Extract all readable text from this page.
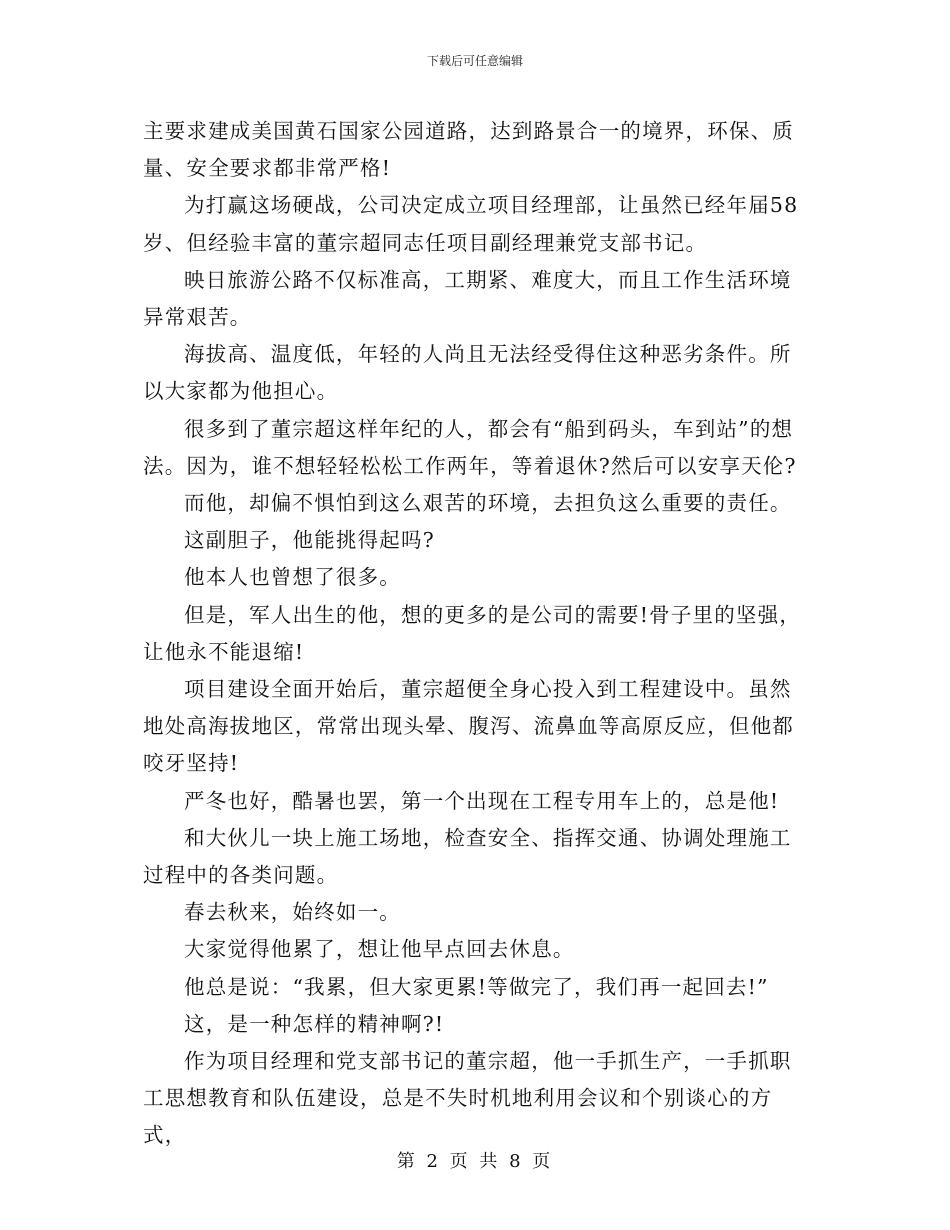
下载后可任意编辑

主要求建成美国黄石国家公园道路，达到路景合一的境界，环保、质量、安全要求都非常严格!

为打赢这场硬战，公司决定成立项目经理部，让虽然已经年届58岁、但经验丰富的董宗超同志任项目副经理兼党支部书记。

映日旅游公路不仅标准高，工期紧、难度大，而且工作生活环境异常艰苦。

海拔高、温度低，年轻的人尚且无法经受得住这种恶劣条件。所以大家都为他担心。

很多到了董宗超这样年纪的人，都会有“船到码头，车到站”的想法。因为，谁不想轻轻松松工作两年，等着退休?然后可以安享天伦?

而他，却偏不惧怕到这么艰苦的环境，去担负这么重要的责任。

这副胆子，他能挑得起吗?

他本人也曾想了很多。

但是，军人出生的他，想的更多的是公司的需要!骨子里的坚强，让他永不能退缩!

项目建设全面开始后，董宗超便全身心投入到工程建设中。虽然地处高海拔地区，常常出现头晕、腹泻、流鼻血等高原反应，但他都咬牙坚持!

严冬也好，酷暑也罢，第一个出现在工程专用车上的，总是他!

和大伙儿一块上施工场地，检查安全、指挥交通、协调处理施工过程中的各类问题。

春去秋来，始终如一。

大家觉得他累了，想让他早点回去休息。

他总是说：“我累，但大家更累!等做完了，我们再一起回去!”

这，是一种怎样的精神啊?!

作为项目经理和党支部书记的董宗超，他一手抓生产，一手抓职工思想教育和队伍建设，总是不失时机地利用会议和个别谈心的方式，

第 2 页 共 8 页
